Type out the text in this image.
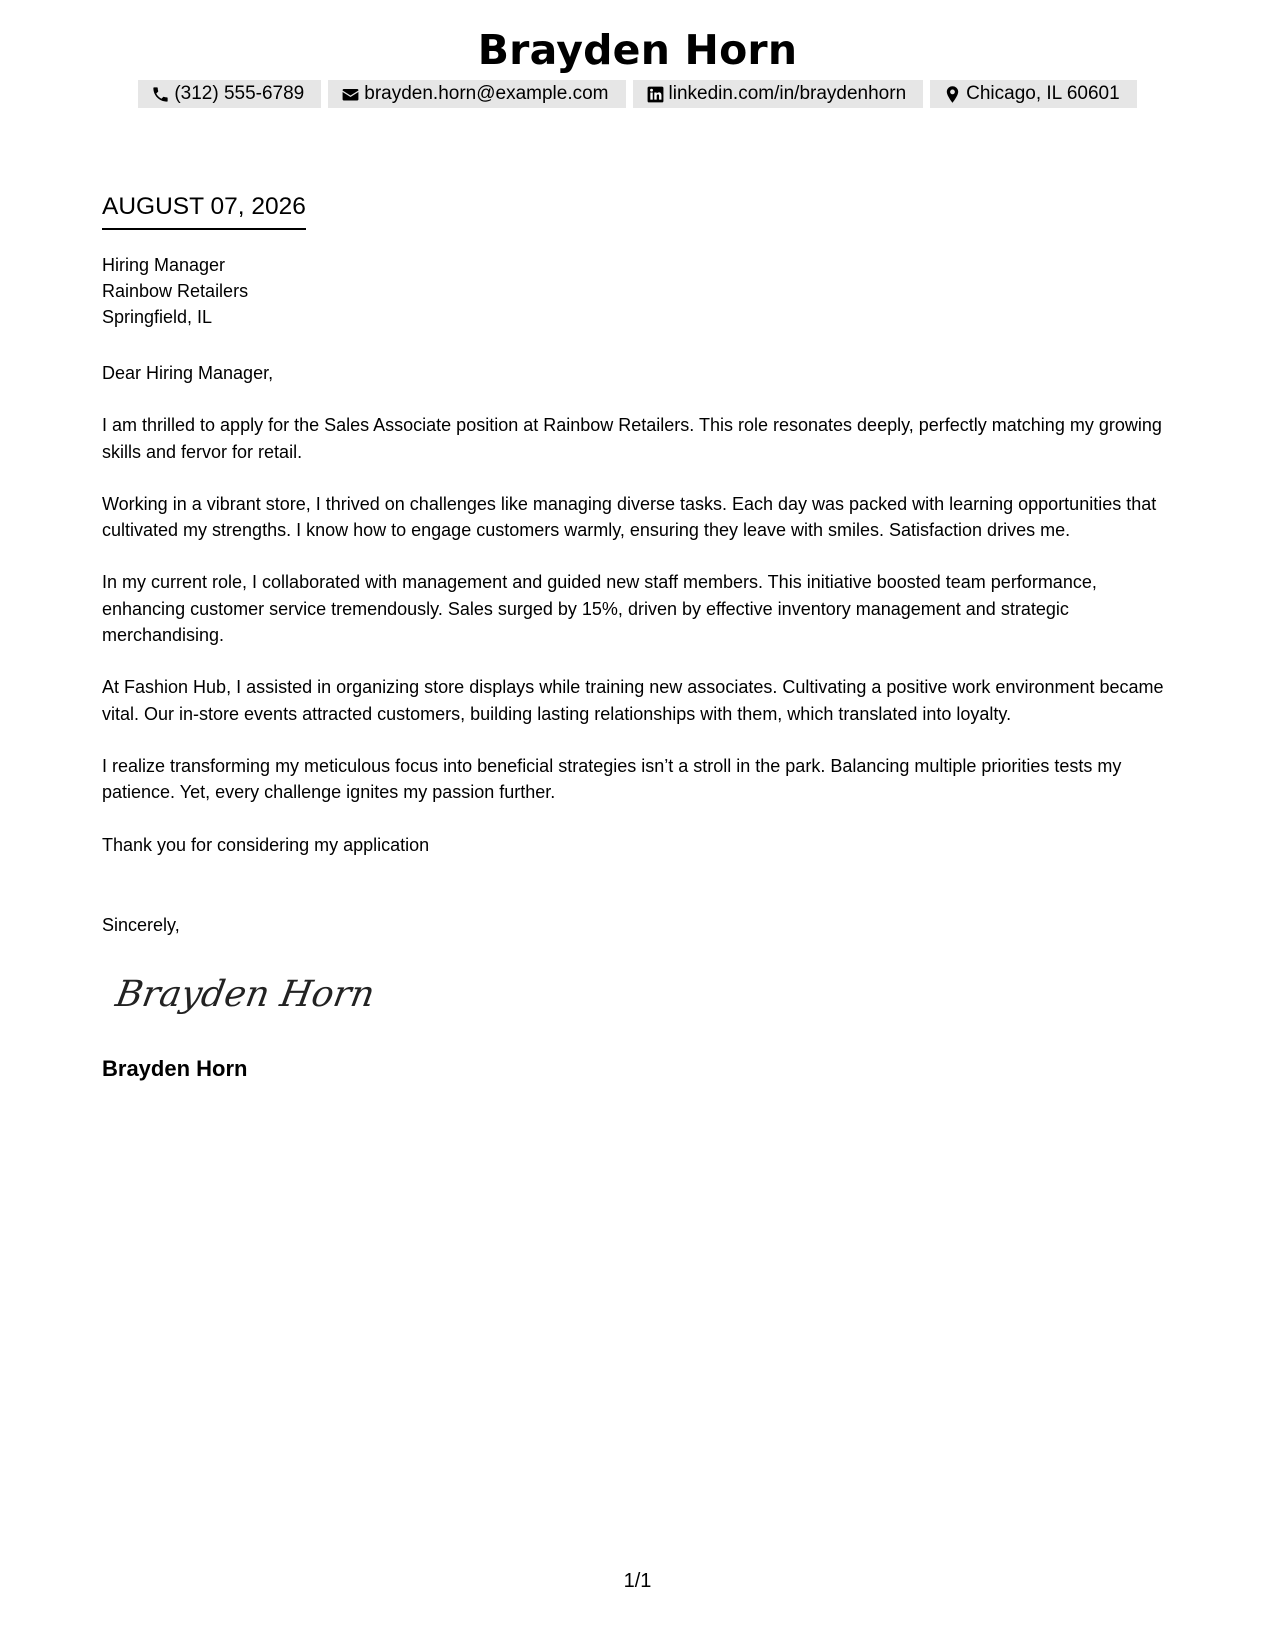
Brayden Horn
(312) 555-6789	brayden.horn@example.com	linkedin.com/in/braydenhorn	Chicago, IL 60601
AUGUST 07, 2026
Hiring Manager
Rainbow Retailers
Springfield, IL

Dear Hiring Manager,

I am thrilled to apply for the Sales Associate position at Rainbow Retailers. This role resonates deeply, perfectly matching my growing skills and fervor for retail.

Working in a vibrant store, I thrived on challenges like managing diverse tasks. Each day was packed with learning opportunities that cultivated my strengths. I know how to engage customers warmly, ensuring they leave with smiles. Satisfaction drives me.

In my current role, I collaborated with management and guided new staff members. This initiative boosted team performance, enhancing customer service tremendously. Sales surged by 15%, driven by effective inventory management and strategic merchandising.

At Fashion Hub, I assisted in organizing store displays while training new associates. Cultivating a positive work environment became vital. Our in-store events attracted customers, building lasting relationships with them, which translated into loyalty.

I realize transforming my meticulous focus into beneficial strategies isn’t a stroll in the park. Balancing multiple priorities tests my patience. Yet, every challenge ignites my passion further.

Thank you for considering my application

Sincerely,
Brayden Horn
Brayden Horn
1/1
